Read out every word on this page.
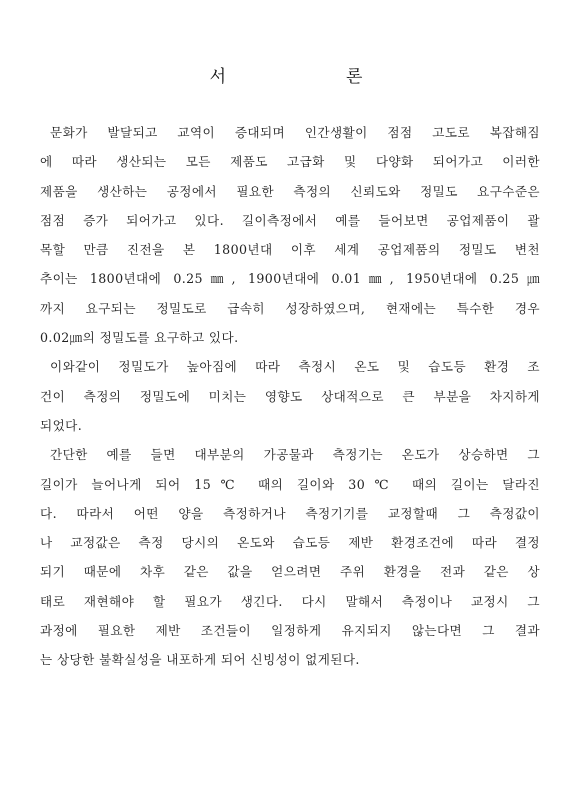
서	론
문화가 발달되고 교역이 증대되며 인간생활이 점점 고도로 복잡해짐
에 따라 생산되는 모든 제품도 고급화 및 다양화 되어가고 이러한
제품을 생산하는 공정에서 필요한 측정의 신뢰도와 정밀도 요구수준은
점점 증가 되어가고 있다. 길이측정에서 예를 들어보면 공업제품이 괄
목할 만큼 진전을 본 1800년대 이후 세계 공업제품의 정밀도 변천
추이는 1800년대에 0.25㎜, 1900년대에 0.01㎜, 1950년대에 0.25㎛
까지 요구되는 정밀도로 급속히 성장하였으며, 현재에는 특수한 경우
0.02㎛의 정밀도를 요구하고 있다.
이와같이 정밀도가 높아짐에 따라 측정시 온도 및 습도등 환경 조
건이 측정의 정밀도에 미치는 영향도 상대적으로 큰 부분을 차지하게
되었다.
간단한 예를 들면 대부분의 가공물과 측정기는 온도가 상승하면 그
길이가 늘어나게 되어 15℃ 때의 길이와 30℃ 때의 길이는 달라진
다. 따라서 어떤 양을 측정하거나 측정기기를 교정할때 그 측정값이
나 교정값은 측정 당시의 온도와 습도등 제반 환경조건에 따라 결정
되기 때문에 차후 같은 값을 얻으려면 주위 환경을 전과 같은 상
태로 재현해야 할 필요가 생긴다. 다시 말해서 측정이나 교정시 그
과정에 필요한 제반 조건들이 일정하게 유지되지 않는다면 그 결과
는 상당한 불확실성을 내포하게 되어 신빙성이 없게된다.
